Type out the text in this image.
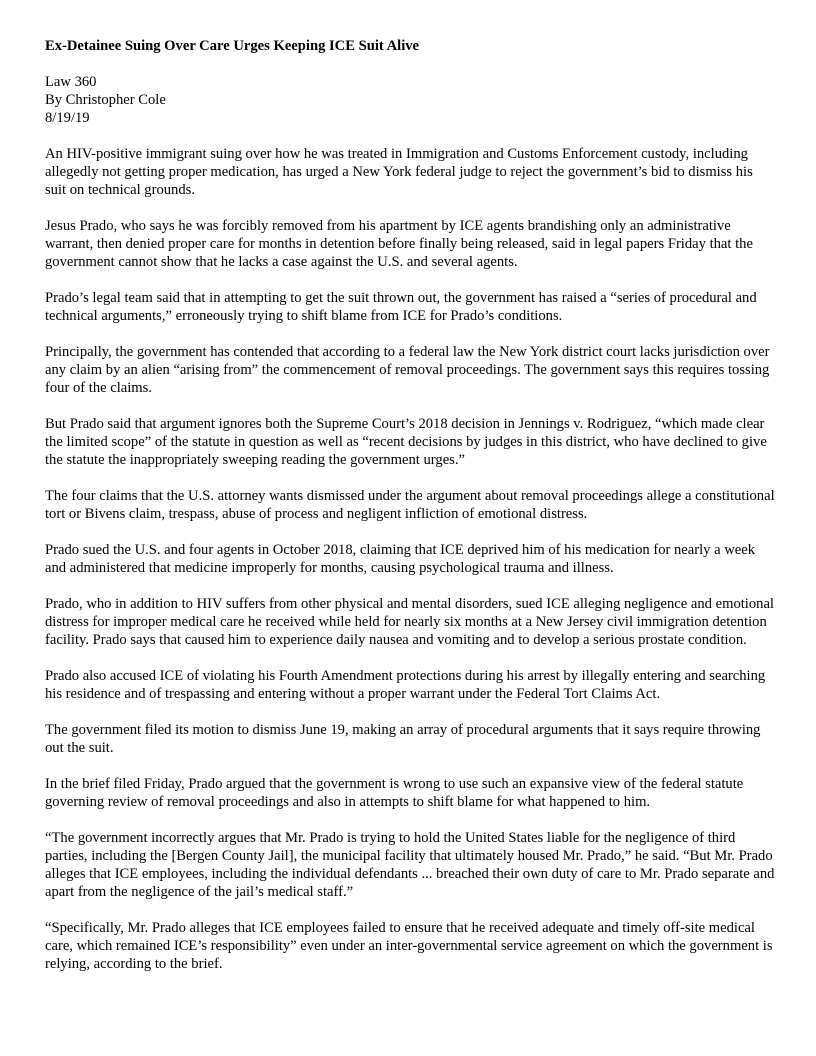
Ex-Detainee Suing Over Care Urges Keeping ICE Suit Alive
Law 360
By Christopher Cole
8/19/19
An HIV-positive immigrant suing over how he was treated in Immigration and Customs Enforcement custody, including allegedly not getting proper medication, has urged a New York federal judge to reject the government’s bid to dismiss his suit on technical grounds.
Jesus Prado, who says he was forcibly removed from his apartment by ICE agents brandishing only an administrative warrant, then denied proper care for months in detention before finally being released, said in legal papers Friday that the government cannot show that he lacks a case against the U.S. and several agents.
Prado’s legal team said that in attempting to get the suit thrown out, the government has raised a “series of procedural and technical arguments,” erroneously trying to shift blame from ICE for Prado’s conditions.
Principally, the government has contended that according to a federal law the New York district court lacks jurisdiction over any claim by an alien “arising from” the commencement of removal proceedings. The government says this requires tossing four of the claims.
But Prado said that argument ignores both the Supreme Court’s 2018 decision in Jennings v. Rodriguez, “which made clear the limited scope” of the statute in question as well as “recent decisions by judges in this district, who have declined to give the statute the inappropriately sweeping reading the government urges.”
The four claims that the U.S. attorney wants dismissed under the argument about removal proceedings allege a constitutional tort or Bivens claim, trespass, abuse of process and negligent infliction of emotional distress.
Prado sued the U.S. and four agents in October 2018, claiming that ICE deprived him of his medication for nearly a week and administered that medicine improperly for months, causing psychological trauma and illness.
Prado, who in addition to HIV suffers from other physical and mental disorders, sued ICE alleging negligence and emotional distress for improper medical care he received while held for nearly six months at a New Jersey civil immigration detention facility. Prado says that caused him to experience daily nausea and vomiting and to develop a serious prostate condition.
Prado also accused ICE of violating his Fourth Amendment protections during his arrest by illegally entering and searching his residence and of trespassing and entering without a proper warrant under the Federal Tort Claims Act.
The government filed its motion to dismiss June 19, making an array of procedural arguments that it says require throwing out the suit.
In the brief filed Friday, Prado argued that the government is wrong to use such an expansive view of the federal statute governing review of removal proceedings and also in attempts to shift blame for what happened to him.
“The government incorrectly argues that Mr. Prado is trying to hold the United States liable for the negligence of third parties, including the [Bergen County Jail], the municipal facility that ultimately housed Mr. Prado,” he said. “But Mr. Prado alleges that ICE employees, including the individual defendants ... breached their own duty of care to Mr. Prado separate and apart from the negligence of the jail’s medical staff.”
“Specifically, Mr. Prado alleges that ICE employees failed to ensure that he received adequate and timely off-site medical care, which remained ICE’s responsibility” even under an inter-governmental service agreement on which the government is relying, according to the brief.
